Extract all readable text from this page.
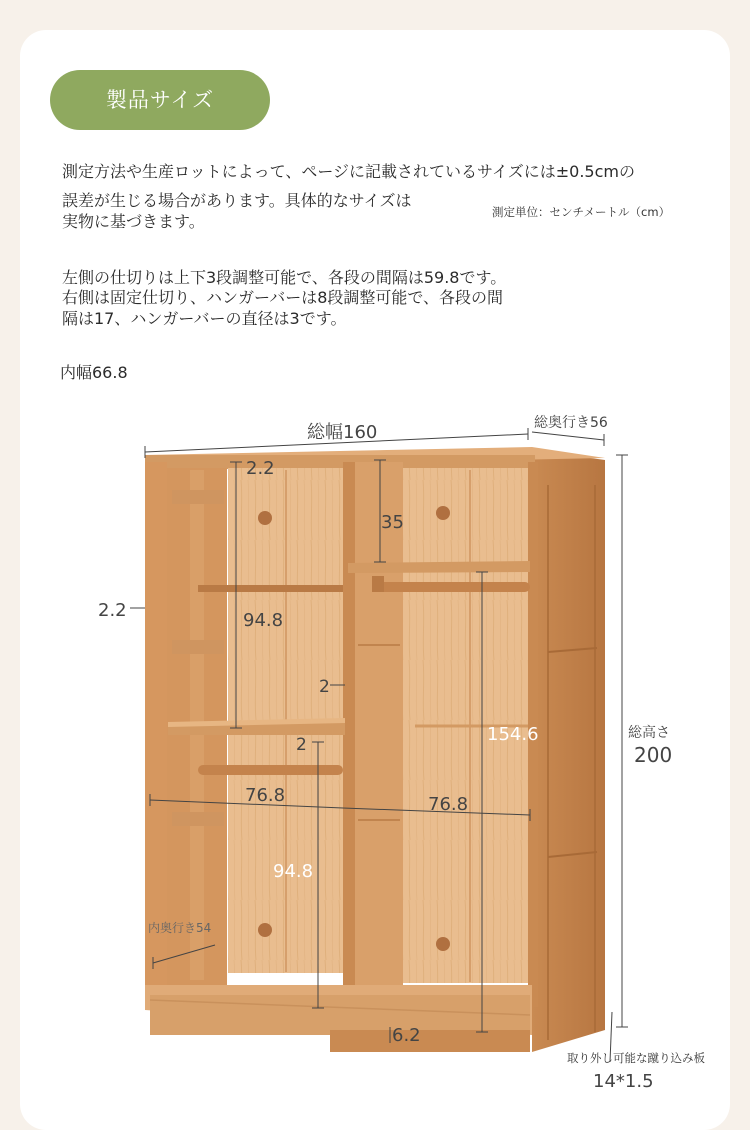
製品サイズ
測定方法や生産ロットによって、ページに記載されているサイズには±0.5cmの
誤差が生じる場合があります。具体的なサイズは
実物に基づきます。	測定単位：センチメートル（cm）
左側の仕切りは上下3段調整可能で、各段の間隔は59.8です。
右側は固定仕切り、ハンガーバーは8段調整可能で、各段の間
隔は17、ハンガーバーの直径は3です。
内幅66.8
総幅160	総奥行き56
総高さ
200
2.2
2.2	94.8
35
2
2	154.6
76.8	76.8
94.8
内奥行き54
6.2
取り外し可能な蹴り込み板
14*1.5
